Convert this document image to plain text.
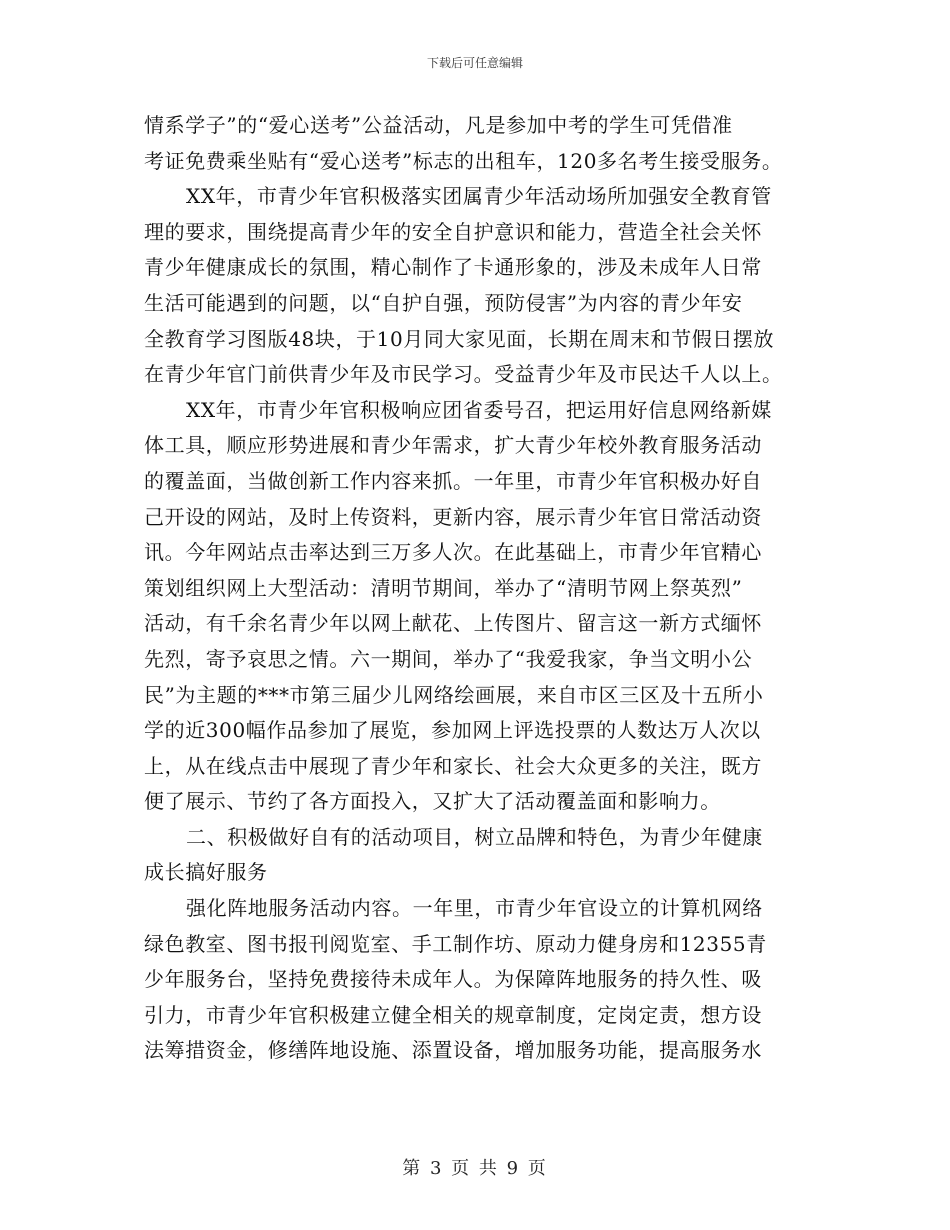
下载后可任意编辑
情系学子”的“爱心送考”公益活动，凡是参加中考的学生可凭借准
考证免费乘坐贴有“爱心送考”标志的出租车，120多名考生接受服务。
XX年，市青少年官积极落实团属青少年活动场所加强安全教育管
理的要求，围绕提高青少年的安全自护意识和能力，营造全社会关怀
青少年健康成长的氛围，精心制作了卡通形象的，涉及未成年人日常
生活可能遇到的问题，以“自护自强，预防侵害”为内容的青少年安
全教育学习图版48块，于10月同大家见面，长期在周末和节假日摆放
在青少年官门前供青少年及市民学习。受益青少年及市民达千人以上。
XX年，市青少年官积极响应团省委号召，把运用好信息网络新媒
体工具，顺应形势进展和青少年需求，扩大青少年校外教育服务活动
的覆盖面，当做创新工作内容来抓。一年里，市青少年官积极办好自
己开设的网站，及时上传资料，更新内容，展示青少年官日常活动资
讯。今年网站点击率达到三万多人次。在此基础上，市青少年官精心
策划组织网上大型活动：清明节期间，举办了“清明节网上祭英烈”
活动，有千余名青少年以网上献花、上传图片、留言这一新方式缅怀
先烈，寄予哀思之情。六一期间，举办了“我爱我家，争当文明小公
民”为主题的***市第三届少儿网络绘画展，来自市区三区及十五所小
学的近300幅作品参加了展览，参加网上评选投票的人数达万人次以
上，从在线点击中展现了青少年和家长、社会大众更多的关注，既方
便了展示、节约了各方面投入，又扩大了活动覆盖面和影响力。
二、积极做好自有的活动项目，树立品牌和特色，为青少年健康
成长搞好服务
强化阵地服务活动内容。一年里，市青少年官设立的计算机网络
绿色教室、图书报刊阅览室、手工制作坊、原动力健身房和12355青
少年服务台，坚持免费接待未成年人。为保障阵地服务的持久性、吸
引力，市青少年官积极建立健全相关的规章制度，定岗定责，想方设
法筹措资金，修缮阵地设施、添置设备，增加服务功能，提高服务水
第 3 页 共 9 页
